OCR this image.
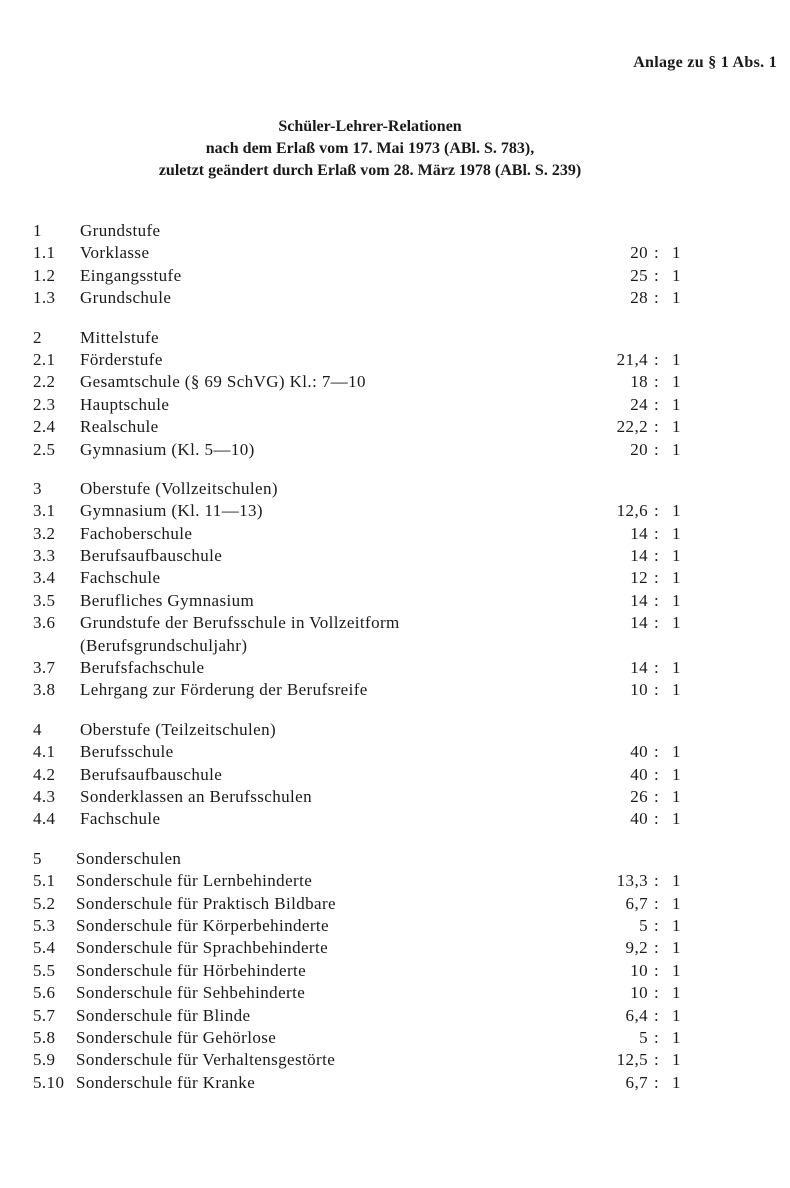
Anlage zu § 1 Abs. 1
Schüler-Lehrer-Relationen
nach dem Erlaß vom 17. Mai 1973 (ABl. S. 783),
zuletzt geändert durch Erlaß vom 28. März 1978 (ABl. S. 239)
1 Grundstufe
1.1 Vorklasse	20 : 1
1.2 Eingangsstufe	25 : 1
1.3 Grundschule	28 : 1
2 Mittelstufe
2.1 Förderstufe	21,4 : 1
2.2 Gesamtschule (§ 69 SchVG) Kl.: 7—10	18 : 1
2.3 Hauptschule	24 : 1
2.4 Realschule	22,2 : 1
2.5 Gymnasium (Kl. 5—10)	20 : 1
3 Oberstufe (Vollzeitschulen)
3.1 Gymnasium (Kl. 11—13)	12,6 : 1
3.2 Fachoberschule	14 : 1
3.3 Berufsaufbauschule	14 : 1
3.4 Fachschule	12 : 1
3.5 Berufliches Gymnasium	14 : 1
3.6 Grundstufe der Berufsschule in Vollzeitform	14 : 1
(Berufsgrundschuljahr)
3.7 Berufsfachschule	14 : 1
3.8 Lehrgang zur Förderung der Berufsreife	10 : 1
4 Oberstufe (Teilzeitschulen)
4.1 Berufsschule	40 : 1
4.2 Berufsaufbauschule	40 : 1
4.3 Sonderklassen an Berufsschulen	26 : 1
4.4 Fachschule	40 : 1
5 Sonderschulen
5.1 Sonderschule für Lernbehinderte	13,3 : 1
5.2 Sonderschule für Praktisch Bildbare	6,7 : 1
5.3 Sonderschule für Körperbehinderte	5 : 1
5.4 Sonderschule für Sprachbehinderte	9,2 : 1
5.5 Sonderschule für Hörbehinderte	10 : 1
5.6 Sonderschule für Sehbehinderte	10 : 1
5.7 Sonderschule für Blinde	6,4 : 1
5.8 Sonderschule für Gehörlose	5 : 1
5.9 Sonderschule für Verhaltensgestörte	12,5 : 1
5.10 Sonderschule für Kranke	6,7 : 1
